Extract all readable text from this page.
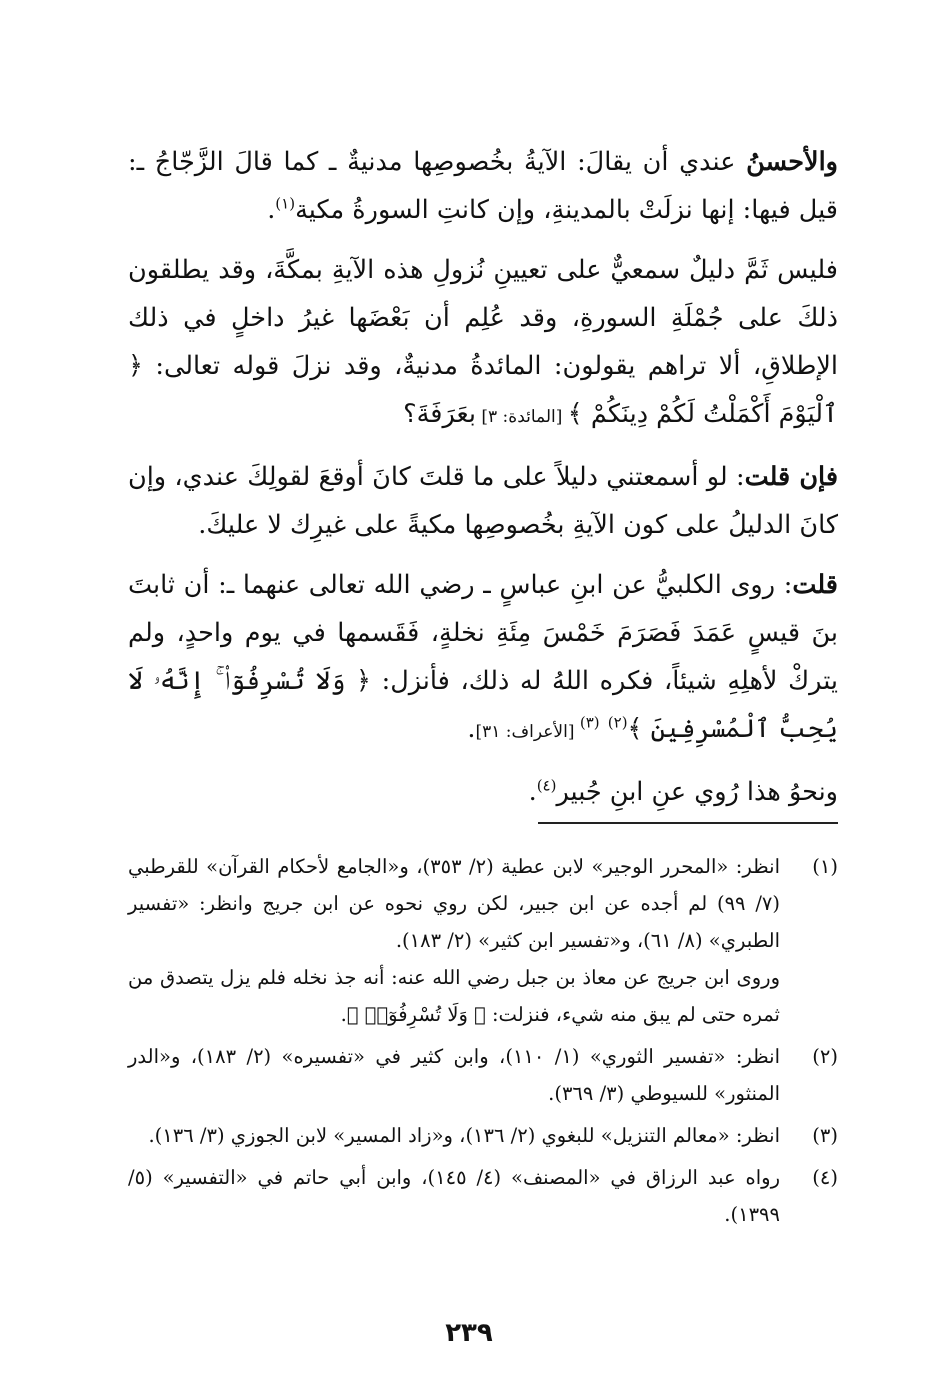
والأحسنُ عندي أن يقالَ: الآيةُ بخُصوصِها مدنيةٌ ـ كما قالَ الزَّجّاجُ ـ: قيل فيها: إنها نزلَتْ بالمدينةِ، وإن كانتِ السورةُ مكية$^{(١)}$.

فليس ثَمَّ دليلٌ سمعيٌّ على تعيينِ نُزولِ هذه الآيةِ بمكَّةَ، وقد يطلقون ذلكَ على جُمْلَةِ السورةِ، وقد عُلِم أن بَعْضَها غيرُ داخلٍ في ذلك الإطلاقِ، ألا تراهم يقولون: المائدةُ مدنيةٌ، وقد نزلَ قوله تعالى: ﴿ ٱلْيَوْمَ أَكْمَلْتُ لَكُمْ دِينَكُمْ ﴾ [المائدة: ٣] بعَرَفَةَ؟

فإن قلت: لو أسمعتني دليلاً على ما قلتَ كانَ أوقعَ لقولِكَ عندي، وإن كانَ الدليلُ على كون الآيةِ بخُصوصِها مكيةً على غيرِك لا عليكَ.

قلت: روى الكلبيُّ عن ابنِ عباسٍ ـ رضي الله تعالى عنهما ـ: أن ثابتَ بنَ قيسٍ عَمَدَ فَصَرَمَ خَمْسَ مِئَةِ نخلةٍ، فَقَسمها في يوم واحدٍ، ولم يتركْ لأهلِهِ شيئاً، فكره اللهُ له ذلك، فأنزل: ﴿ وَلَا تُسْرِفُوٓا۟ ۚ إِنَّهُۥ لَا يُحِبُّ ٱلْمُسْرِفِينَ ﴾$^{(٢)}$ $^{(٣)}$ [الأعراف: ٣١].

ونحوُ هذا رُوي عنِ ابنِ جُبير$^{(٤)}$.

(١)
انظر: «المحرر الوجير» لابن عطية (٢/ ٣٥٣)، و«الجامع لأحكام القرآن» للقرطبي (٧/ ٩٩) لم أجده عن ابن جبير، لكن روي نحوه عن ابن جريج وانظر: «تفسير الطبري» (٨/ ٦١)، و«تفسير ابن كثير» (٢/ ١٨٣).
وروى ابن جريج عن معاذ بن جبل رضي الله عنه: أنه جذ نخله فلم يزل يتصدق من ثمره حتى لم يبق منه شيء، فنزلت: ﴿ وَلَا تُسْرِفُوٓا۟ ﴾.
(٢)
انظر: «تفسير الثوري» (١/ ١١٠)، وابن كثير في «تفسيره» (٢/ ١٨٣)، و«الدر المنثور» للسيوطي (٣/ ٣٦٩).
(٣)
انظر: «معالم التنزيل» للبغوي (٢/ ١٣٦)، و«زاد المسير» لابن الجوزي (٣/ ١٣٦).
(٤)
رواه عبد الرزاق في «المصنف» (٤/ ١٤٥)، وابن أبي حاتم في «التفسير» (٥/ ١٣٩٩).
٢٣٩
